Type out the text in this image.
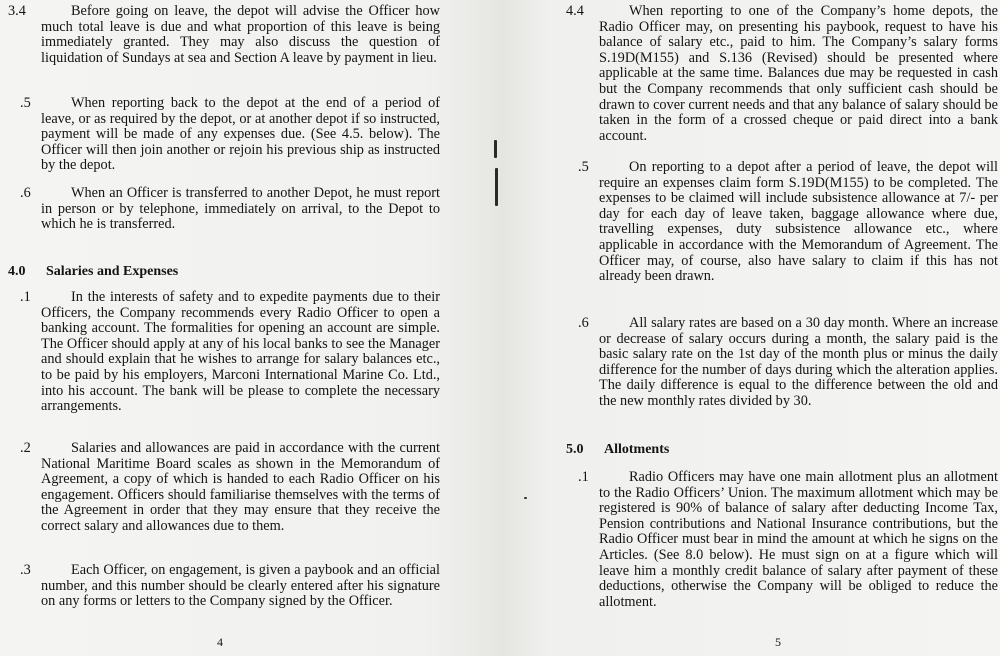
3.4	Before going on leave, the depot will advise the Officer how much total leave is due and what proportion of this leave is being immediately granted. They may also discuss the question of liquidation of Sundays at sea and Section A leave by payment in lieu.
.5	When reporting back to the depot at the end of a period of leave, or as required by the depot, or at another depot if so instructed, payment will be made of any expenses due. (See 4.5. below). The Officer will then join another or rejoin his previous ship as instructed by the depot.
.6	When an Officer is transferred to another Depot, he must report in person or by telephone, immediately on arrival, to the Depot to which he is transferred.
4.0 Salaries and Expenses
.1	In the interests of safety and to expedite payments due to their Officers, the Company recommends every Radio Officer to open a banking account. The formalities for opening an account are simple. The Officer should apply at any of his local banks to see the Manager and should explain that he wishes to arrange for salary balances etc., to be paid by his employers, Marconi International Marine Co. Ltd., into his account. The bank will be please to complete the necessary arrangements.
.2	Salaries and allowances are paid in accordance with the current National Maritime Board scales as shown in the Memorandum of Agreement, a copy of which is handed to each Radio Officer on his engagement. Officers should familiarise themselves with the terms of the Agreement in order that they may ensure that they receive the correct salary and allowances due to them.
.3	Each Officer, on engagement, is given a paybook and an official number, and this number should be clearly entered after his signature on any forms or letters to the Company signed by the Officer.
4
4.4	When reporting to one of the Company’s home depots, the Radio Officer may, on presenting his paybook, request to have his balance of salary etc., paid to him. The Company’s salary forms S.19D(M155) and S.136 (Revised) should be presented where applicable at the same time. Balances due may be requested in cash but the Company recommends that only sufficient cash should be drawn to cover current needs and that any balance of salary should be taken in the form of a crossed cheque or paid direct into a bank account.
.5	On reporting to a depot after a period of leave, the depot will require an expenses claim form S.19D(M155) to be completed. The expenses to be claimed will include subsistence allowance at 7/- per day for each day of leave taken, baggage allowance where due, travelling expenses, duty subsistence allowance etc., where applicable in accordance with the Memorandum of Agreement. The Officer may, of course, also have salary to claim if this has not already been drawn.
.6	All salary rates are based on a 30 day month. Where an increase or decrease of salary occurs during a month, the salary paid is the basic salary rate on the 1st day of the month plus or minus the daily difference for the number of days during which the alteration applies. The daily difference is equal to the difference between the old and the new monthly rates divided by 30.
5.0 Allotments
.1	Radio Officers may have one main allotment plus an allotment to the Radio Officers’ Union. The maximum allotment which may be registered is 90% of balance of salary after deducting Income Tax, Pension contributions and National Insurance contributions, but the Radio Officer must bear in mind the amount at which he signs on the Articles. (See 8.0 below). He must sign on at a figure which will leave him a monthly credit balance of salary after payment of these deductions, otherwise the Company will be obliged to reduce the allotment.
5
